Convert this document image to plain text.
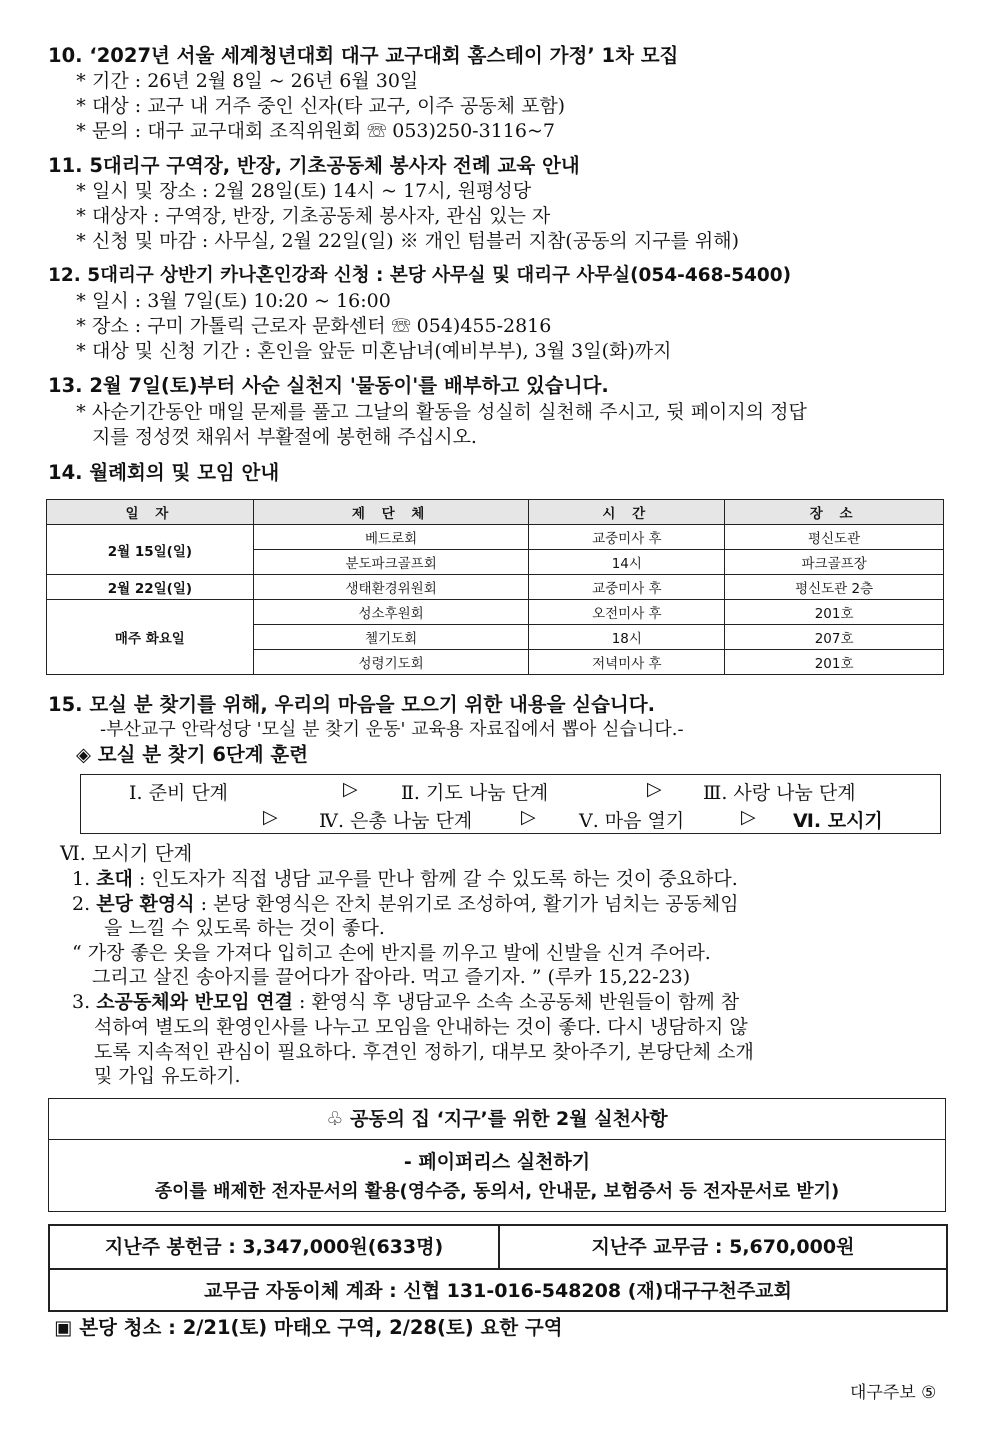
10. ‘2027년 서울 세계청년대회 대구 교구대회 홈스테이 가정’ 1차 모집
* 기간 : 26년 2월 8일 ~ 26년 6월 30일
* 대상 : 교구 내 거주 중인 신자(타 교구, 이주 공동체 포함)
* 문의 : 대구 교구대회 조직위원회 ☏ 053)250-3116~7
11. 5대리구 구역장, 반장, 기초공동체 봉사자 전례 교육 안내
* 일시 및 장소 : 2월 28일(토) 14시 ~ 17시, 원평성당
* 대상자 : 구역장, 반장, 기초공동체 봉사자, 관심 있는 자
* 신청 및 마감 : 사무실, 2월 22일(일) ※ 개인 텀블러 지참(공동의 지구를 위해)
12. 5대리구 상반기 카나혼인강좌 신청 : 본당 사무실 및 대리구 사무실(054-468-5400)
* 일시 : 3월 7일(토) 10:20 ~ 16:00
* 장소 : 구미 가톨릭 근로자 문화센터 ☏ 054)455-2816
* 대상 및 신청 기간 : 혼인을 앞둔 미혼남녀(예비부부), 3월 3일(화)까지
13. 2월 7일(토)부터 사순 실천지 '물동이'를 배부하고 있습니다.
* 사순기간동안 매일 문제를 풀고 그날의 활동을 성실히 실천해 주시고, 뒷 페이지의 정답
지를 정성껏 채워서 부활절에 봉헌해 주십시오.
14. 월례회의 및 모임 안내
일 자	제 단 체	시 간	장 소
2월 15일(일)	베드로회	교중미사 후	평신도관
	분도파크골프회	14시	파크골프장
2월 22일(일)	생태환경위원회	교중미사 후	평신도관 2층
매주 화요일	성소후원회	오전미사 후	201호
	첼기도회	18시	207호
	성령기도회	저녁미사 후	201호
15. 모실 분 찾기를 위해, 우리의 마음을 모으기 위한 내용을 싣습니다.
-부산교구 안락성당 '모실 분 찾기 운동' 교육용 자료집에서 뽑아 싣습니다.-
◈ 모실 분 찾기 6단계 훈련
Ⅰ. 준비 단계	▷ Ⅱ. 기도 나눔 단계	▷ Ⅲ. 사랑 나눔 단계
▷ Ⅳ. 은총 나눔 단계	▷ Ⅴ. 마음 열기	▷ Ⅵ. 모시기
Ⅵ. 모시기 단계
1. 초대 : 인도자가 직접 냉담 교우를 만나 함께 갈 수 있도록 하는 것이 중요하다.
2. 본당 환영식 : 본당 환영식은 잔치 분위기로 조성하여, 활기가 넘치는 공동체임
을 느낄 수 있도록 하는 것이 좋다.
“ 가장 좋은 옷을 가져다 입히고 손에 반지를 끼우고 발에 신발을 신겨 주어라.
그리고 살진 송아지를 끌어다가 잡아라. 먹고 즐기자. ” (루카 15,22-23)
3. 소공동체와 반모임 연결 : 환영식 후 냉담교우 소속 소공동체 반원들이 함께 참
석하여 별도의 환영인사를 나누고 모임을 안내하는 것이 좋다. 다시 냉담하지 않
도록 지속적인 관심이 필요하다. 후견인 정하기, 대부모 찾아주기, 본당단체 소개
및 가입 유도하기.
♧ 공동의 집 ‘지구’를 위한 2월 실천사항
- 페이퍼리스 실천하기
종이를 배제한 전자문서의 활용(영수증, 동의서, 안내문, 보험증서 등 전자문서로 받기)
지난주 봉헌금 : 3,347,000원(633명)	지난주 교무금 : 5,670,000원
교무금 자동이체 계좌 : 신협 131-016-548208 (재)대구구천주교회
▣ 본당 청소 : 2/21(토) 마태오 구역, 2/28(토) 요한 구역
대구주보 ⑤
